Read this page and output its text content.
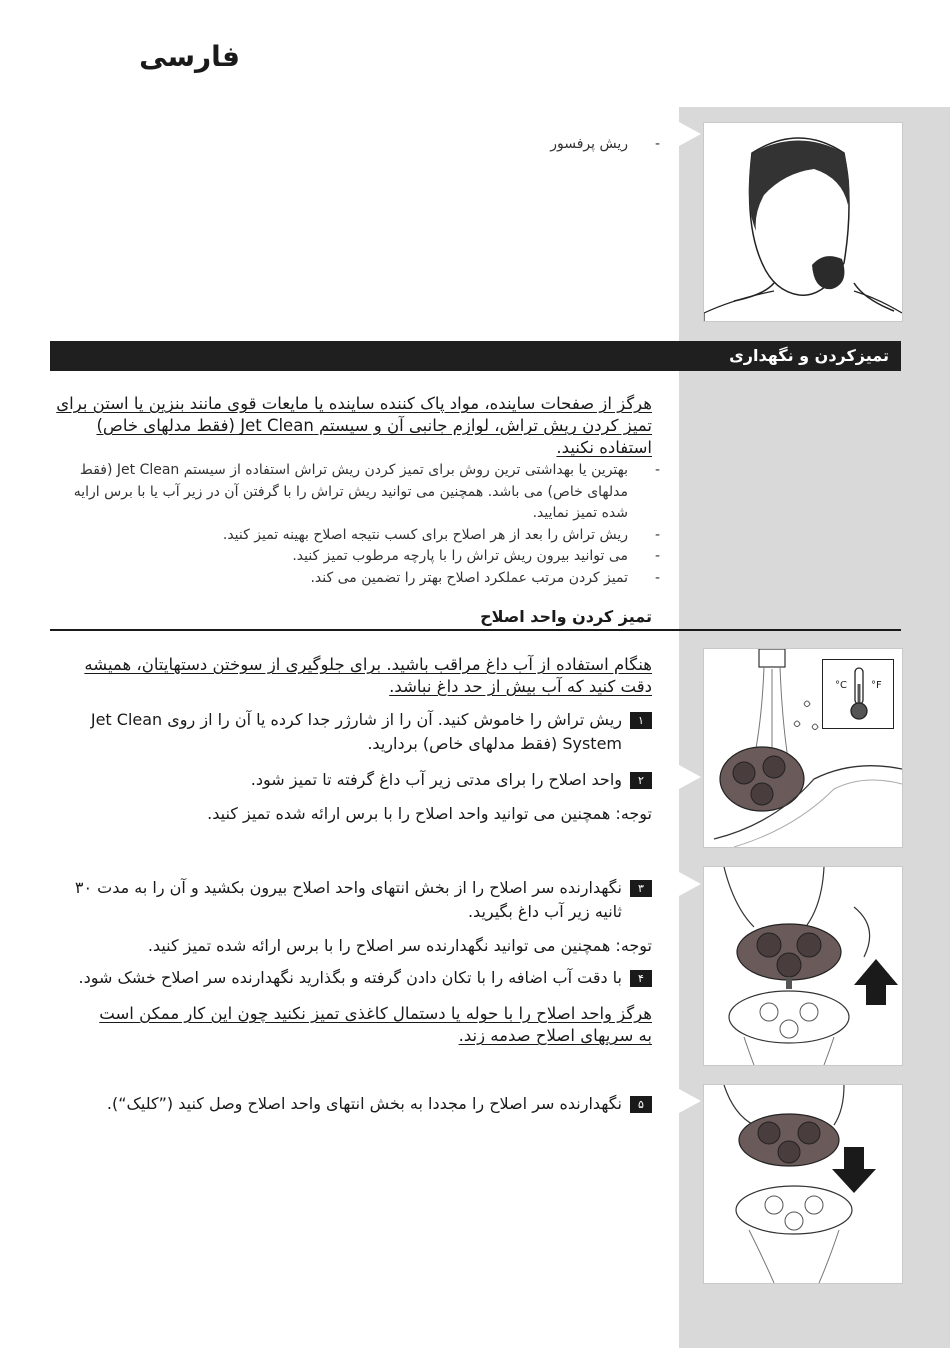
فارسی
-
ریش پرفسور
تمیزکردن و نگهداری
هرگز از صفحات ساینده، مواد پاک کننده ساینده یا مایعات قوی مانند بنزین یا استن برای تمیز کردن ریش تراش، لوازم جانبی آن و سیستم Jet Clean (فقط مدلهای خاص) استفاده نکنید.
-
بهترین یا بهداشتی ترین روش برای تمیز کردن ریش تراش استفاده از سیستم Jet Clean (فقط مدلهای خاص) می باشد. همچنین می توانید ریش تراش را با گرفتن آن در زیر آب یا با برس ارایه شده تمیز نمایید.
-
ریش تراش را بعد از هر اصلاح برای کسب نتیجه اصلاح بهینه تمیز کنید.
-
می توانید بیرون ریش تراش را با پارچه مرطوب تمیز کنید.
-
تمیز کردن مرتب عملکرد اصلاح بهتر را تضمین می کند.
تمیز کردن واحد اصلاح
هنگام استفاده از آب داغ مراقب باشید. برای جلوگیری از سوختن دستهایتان، همیشه دقت کنید که آب بیش از حد داغ نباشد.
۱
ریش تراش را خاموش کنید. آن را از شارژر جدا کرده یا آن را از روی Jet Clean System (فقط مدلهای خاص) بردارید.
۲
واحد اصلاح را برای مدتی زیر آب داغ گرفته تا تمیز شود.
توجه: همچنین می توانید واحد اصلاح را با برس ارائه شده تمیز کنید.
°C °F
۳
نگهدارنده سر اصلاح را از بخش انتهای واحد اصلاح بیرون بکشید و آن را به مدت ۳۰ ثانیه زیر آب داغ بگیرید.
توجه: همچنین می توانید نگهدارنده سر اصلاح را با برس ارائه شده تمیز کنید.
۴
با دقت آب اضافه را با تکان دادن گرفته و بگذارید نگهدارنده سر اصلاح خشک شود.
هرگز واحد اصلاح را با حوله یا دستمال کاغذی تمیز نکنید چون این کار ممکن است به سریهای اصلاح صدمه زند.
۵
نگهدارنده سر اصلاح را مجددا به بخش انتهای واحد اصلاح وصل کنید (”کلیک“).
